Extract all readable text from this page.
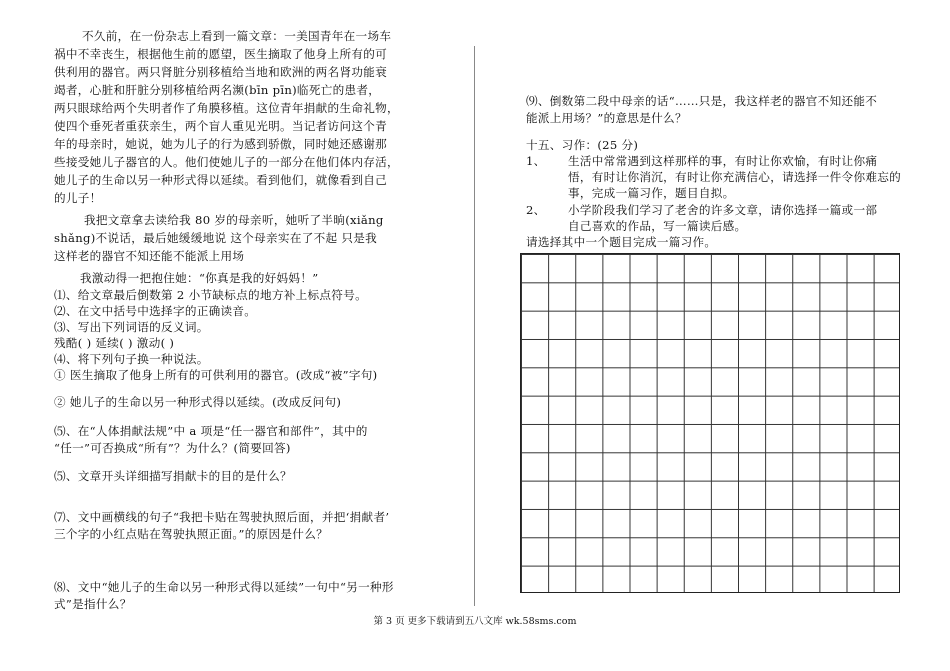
不久前，在一份杂志上看到一篇文章：一美国青年在一场车
祸中不幸丧生，根据他生前的愿望，医生摘取了他身上所有的可
供利用的器官。两只肾脏分别移植给当地和欧洲的两名肾功能衰
竭者，心脏和肝脏分别移植给两名濒(bīn pīn)临死亡的患者，
两只眼球给两个失明者作了角膜移植。这位青年捐献的生命礼物，
使四个垂死者重获亲生，两个盲人重见光明。当记者访问这个青
年的母亲时，她说，她为儿子的行为感到骄傲，同时她还感谢那
些接受她儿子器官的人。他们使她儿子的一部分在他们体内存活，
她儿子的生命以另一种形式得以延续。看到他们，就像看到自己
的儿子！
我把文章拿去读给我 80 岁的母亲听，她听了半晌(xiǎng
shǎng)不说话，最后她缓缓地说 这个母亲实在了不起 只是我
这样老的器官不知还能不能派上用场
我激动得一把抱住她：“你真是我的好妈妈！”
⑴、给文章最后倒数第 2 小节缺标点的地方补上标点符号。
⑵、在文中括号中选择字的正确读音。
⑶、写出下列词语的反义词。
残酷( ) 延续( ) 激动( )
⑷、将下列句子换一种说法。
① 医生摘取了他身上所有的可供利用的器官。(改成“被”字句)
② 她儿子的生命以另一种形式得以延续。(改成反问句)
⑸、在“人体捐献法规”中 a 项是“任一器官和部件”，其中的
“任一”可否换成“所有”？为什么？(简要回答)
⑸、文章开头详细描写捐献卡的目的是什么？
⑺、文中画横线的句子“我把卡贴在驾驶执照后面，并把‘捐献者’
三个字的小红点贴在驾驶执照正面。”的原因是什么？
⑻、文中“她儿子的生命以另一种形式得以延续”一句中“另一种形
式”是指什么？
⑼、倒数第二段中母亲的话“……只是，我这样老的器官不知还能不
能派上用场？”的意思是什么？
十五、习作：(25 分)
1、 生活中常常遇到这样那样的事，有时让你欢愉，有时让你痛
悟，有时让你消沉，有时让你充满信心，请选择一件令你难忘的
事，完成一篇习作，题目自拟。
2、 小学阶段我们学习了老舍的许多文章，请你选择一篇或一部
自己喜欢的作品，写一篇读后感。
请选择其中一个题目完成一篇习作。
第 3 页 更多下载请到五八文库 wk.58sms.com
